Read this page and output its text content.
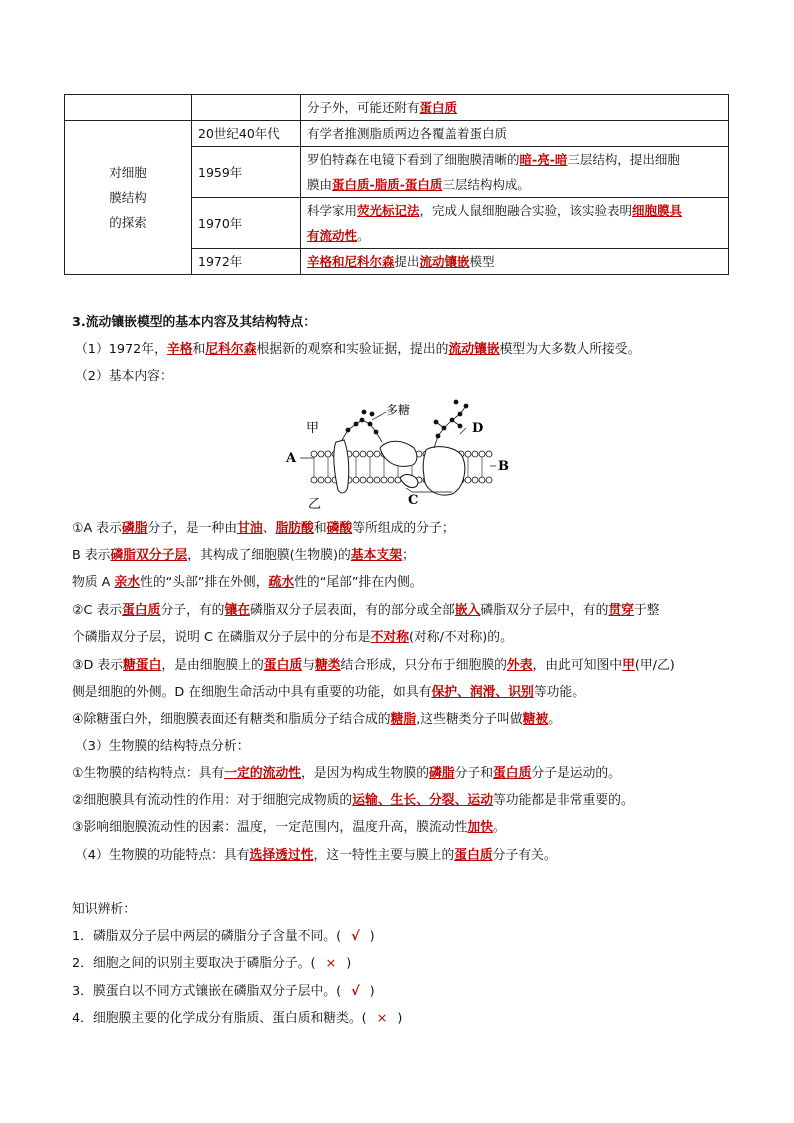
		分子外，可能还附有蛋白质

对细胞
膜结构
的探索	20世纪40年代	有学者推测脂质两边各覆盖着蛋白质
	1959年	罗伯特森在电镜下看到了细胞膜清晰的暗-亮-暗三层结构，提出细胞
膜由蛋白质-脂质-蛋白质三层结构构成。

	1970年	科学家用荧光标记法，完成人鼠细胞融合实验，该实验表明细胞膜具
有流动性。

	1972年	辛格和尼科尔森提出流动镶嵌模型
3.流动镶嵌模型的基本内容及其结构特点：
（1）1972年，辛格和尼科尔森根据新的观察和实验证据，提出的流动镶嵌模型为大多数人所接受。
（2）基本内容：
甲
乙
多糖
A
B
C
D
①A 表示磷脂分子，是一种由甘油、脂肪酸和磷酸等所组成的分子；
B 表示磷脂双分子层，其构成了细胞膜(生物膜)的基本支架；
物质 A 亲水性的“头部”排在外侧，疏水性的“尾部”排在内侧。
②C 表示蛋白质分子，有的镶在磷脂双分子层表面，有的部分或全部嵌入磷脂双分子层中，有的贯穿于整
个磷脂双分子层，说明 C 在磷脂双分子层中的分布是不对称(对称/不对称)的。
③D 表示糖蛋白，是由细胞膜上的蛋白质与糖类结合形成，只分布于细胞膜的外表，由此可知图中甲(甲/乙)
侧是细胞的外侧。D 在细胞生命活动中具有重要的功能，如具有保护、润滑、识别等功能。
④除糖蛋白外，细胞膜表面还有糖类和脂质分子结合成的糖脂,这些糖类分子叫做糖被。
（3）生物膜的结构特点分析：
①生物膜的结构特点：具有一定的流动性，是因为构成生物膜的磷脂分子和蛋白质分子是运动的。
②细胞膜具有流动性的作用：对于细胞完成物质的运输、生长、分裂、运动等功能都是非常重要的。
③影响细胞膜流动性的因素：温度，一定范围内，温度升高，膜流动性加快。
（4）生物膜的功能特点：具有选择透过性，这一特性主要与膜上的蛋白质分子有关。
知识辨析：
1．磷脂双分子层中两层的磷脂分子含量不同。( √ )
2．细胞之间的识别主要取决于磷脂分子。( × )
3．膜蛋白以不同方式镶嵌在磷脂双分子层中。( √ )
4．细胞膜主要的化学成分有脂质、蛋白质和糖类。( × )
